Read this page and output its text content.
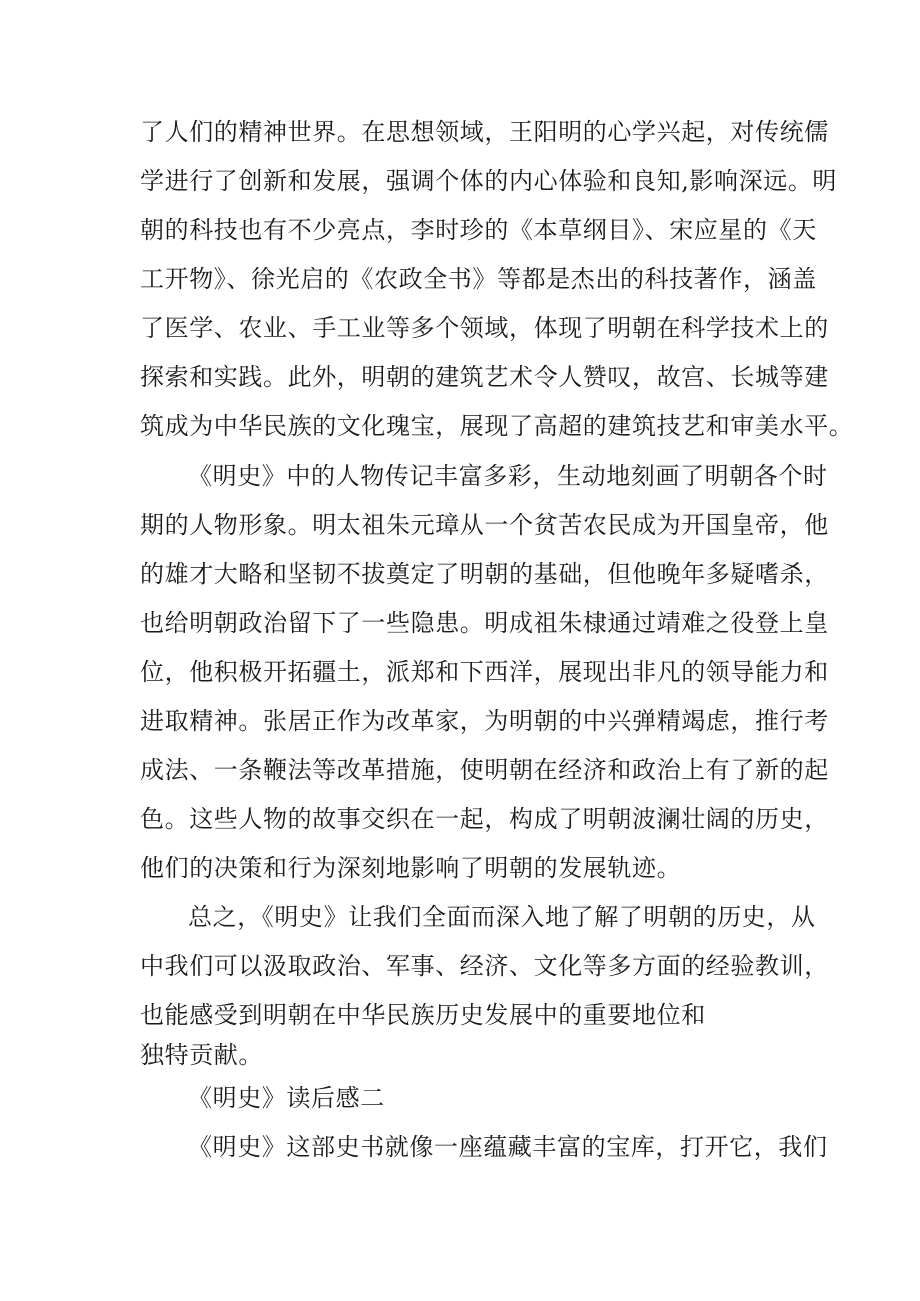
了人们的精神世界。在思想领域，王阳明的心学兴起，对传统儒
学进行了创新和发展，强调个体的内心体验和良知,影响深远。明
朝的科技也有不少亮点，李时珍的《本草纲目》、宋应星的《天
工开物》、徐光启的《农政全书》等都是杰出的科技著作，涵盖
了医学、农业、手工业等多个领域，体现了明朝在科学技术上的
探索和实践。此外，明朝的建筑艺术令人赞叹，故宫、长城等建
筑成为中华民族的文化瑰宝，展现了高超的建筑技艺和审美水平。
《明史》中的人物传记丰富多彩，生动地刻画了明朝各个时
期的人物形象。明太祖朱元璋从一个贫苦农民成为开国皇帝，他
的雄才大略和坚韧不拔奠定了明朝的基础，但他晚年多疑嗜杀，
也给明朝政治留下了一些隐患。明成祖朱棣通过靖难之役登上皇
位，他积极开拓疆土，派郑和下西洋，展现出非凡的领导能力和
进取精神。张居正作为改革家，为明朝的中兴弹精竭虑，推行考
成法、一条鞭法等改革措施，使明朝在经济和政治上有了新的起
色。这些人物的故事交织在一起，构成了明朝波澜壮阔的历史，
他们的决策和行为深刻地影响了明朝的发展轨迹。
总之，《明史》让我们全面而深入地了解了明朝的历史，从
中我们可以汲取政治、军事、经济、文化等多方面的经验教训，
也能感受到明朝在中华民族历史发展中的重要地位和
独特贡献。
《明史》读后感二
《明史》这部史书就像一座蕴藏丰富的宝库，打开它，我们
